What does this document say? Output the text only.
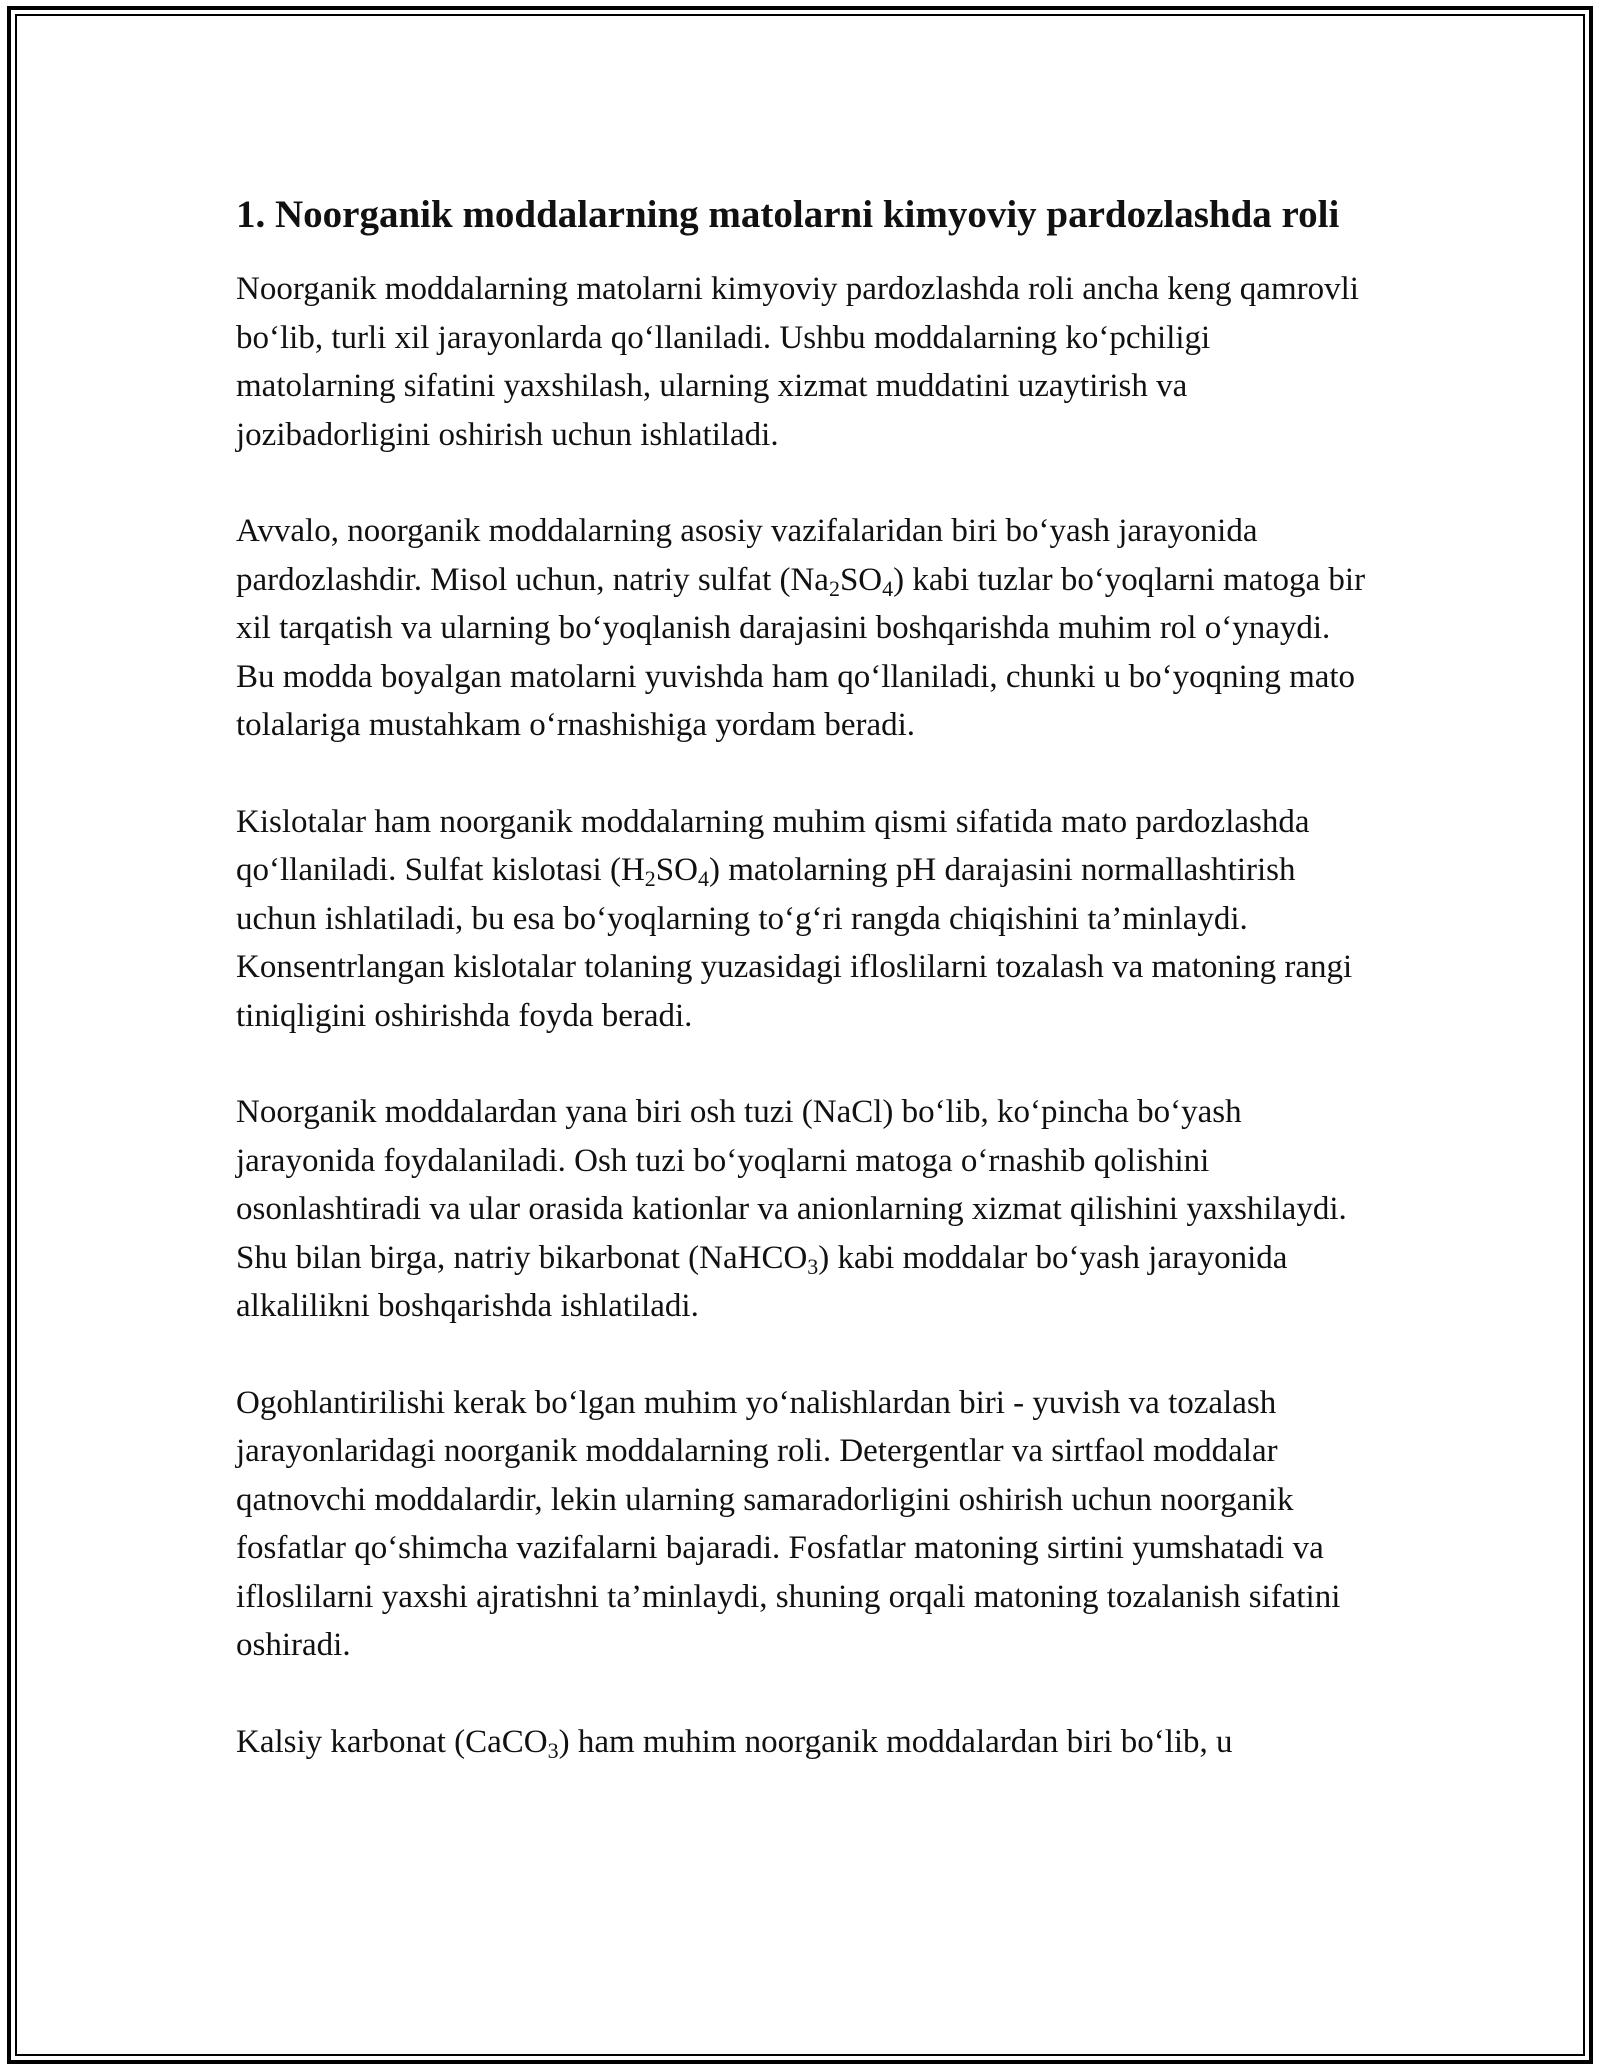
1. Noorganik moddalarning matolarni kimyoviy pardozlashda roli

Noorganik moddalarning matolarni kimyoviy pardozlashda roli ancha keng qamrovli bo‘lib, turli xil jarayonlarda qo‘llaniladi. Ushbu moddalarning ko‘pchiligi matolarning sifatini yaxshilash, ularning xizmat muddatini uzaytirish va jozibadorligini oshirish uchun ishlatiladi.

Avvalo, noorganik moddalarning asosiy vazifalaridan biri bo‘yash jarayonida pardozlashdir. Misol uchun, natriy sulfat $(Na_2SO_4)$ kabi tuzlar bo‘yoqlarni matoga bir xil tarqatish va ularning bo‘yoqlanish darajasini boshqarishda muhim rol o‘ynaydi. Bu modda boyalgan matolarni yuvishda ham qo‘llaniladi, chunki u bo‘yoqning mato tolalariga mustahkam o‘rnashishiga yordam beradi.

Kislotalar ham noorganik moddalarning muhim qismi sifatida mato pardozlashda qo‘llaniladi. Sulfat kislotasi $(H_2SO_4)$ matolarning pH darajasini normallashtirish uchun ishlatiladi, bu esa bo‘yoqlarning to‘g‘ri rangda chiqishini ta’minlaydi. Konsentrlangan kislotalar tolaning yuzasidagi ifloslilarni tozalash va matoning rangi tiniqligini oshirishda foyda beradi.

Noorganik moddalardan yana biri osh tuzi (NaCl) bo‘lib, ko‘pincha bo‘yash jarayonida foydalaniladi. Osh tuzi bo‘yoqlarni matoga o‘rnashib qolishini osonlashtiradi va ular orasida kationlar va anionlarning xizmat qilishini yaxshilaydi. Shu bilan birga, natriy bikarbonat (NaHCO$_3$) kabi moddalar bo‘yash jarayonida alkalilikni boshqarishda ishlatiladi.

Ogohlantirilishi kerak bo‘lgan muhim yo‘nalishlardan biri - yuvish va tozalash jarayonlaridagi noorganik moddalarning roli. Detergentlar va sirtfaol moddalar qatnovchi moddalardir, lekin ularning samaradorligini oshirish uchun noorganik fosfatlar qo‘shimcha vazifalarni bajaradi. Fosfatlar matoning sirtini yumshatadi va ifloslilarni yaxshi ajratishni ta’minlaydi, shuning orqali matoning tozalanish sifatini oshiradi.

Kalsiy karbonat (CaCO$_3$) ham muhim noorganik moddalardan biri bo‘lib, u
